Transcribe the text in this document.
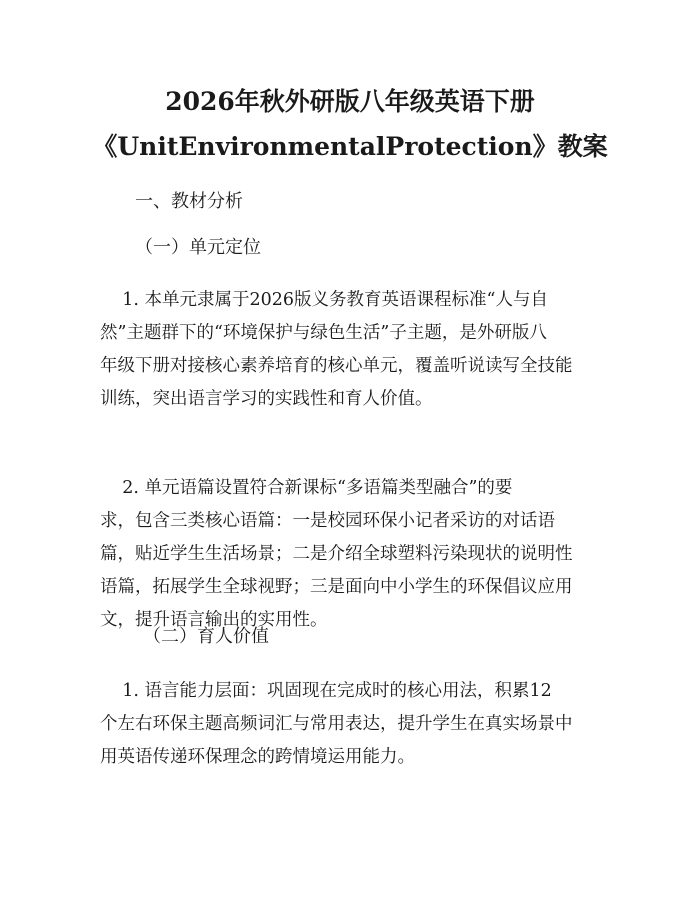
2026年秋外研版八年级英语下册
《UnitEnvironmentalProtection》教案
一、教材分析
（一）单元定位
1. 本单元隶属于2026版义务教育英语课程标准“人与自
然”主题群下的“环境保护与绿色生活”子主题，是外研版八
年级下册对接核心素养培育的核心单元，覆盖听说读写全技能
训练，突出语言学习的实践性和育人价值。
2. 单元语篇设置符合新课标“多语篇类型融合”的要
求，包含三类核心语篇：一是校园环保小记者采访的对话语
篇，贴近学生生活场景；二是介绍全球塑料污染现状的说明性
语篇，拓展学生全球视野；三是面向中小学生的环保倡议应用
文，提升语言输出的实用性。
（二）育人价值
1. 语言能力层面：巩固现在完成时的核心用法，积累12
个左右环保主题高频词汇与常用表达，提升学生在真实场景中
用英语传递环保理念的跨情境运用能力。
